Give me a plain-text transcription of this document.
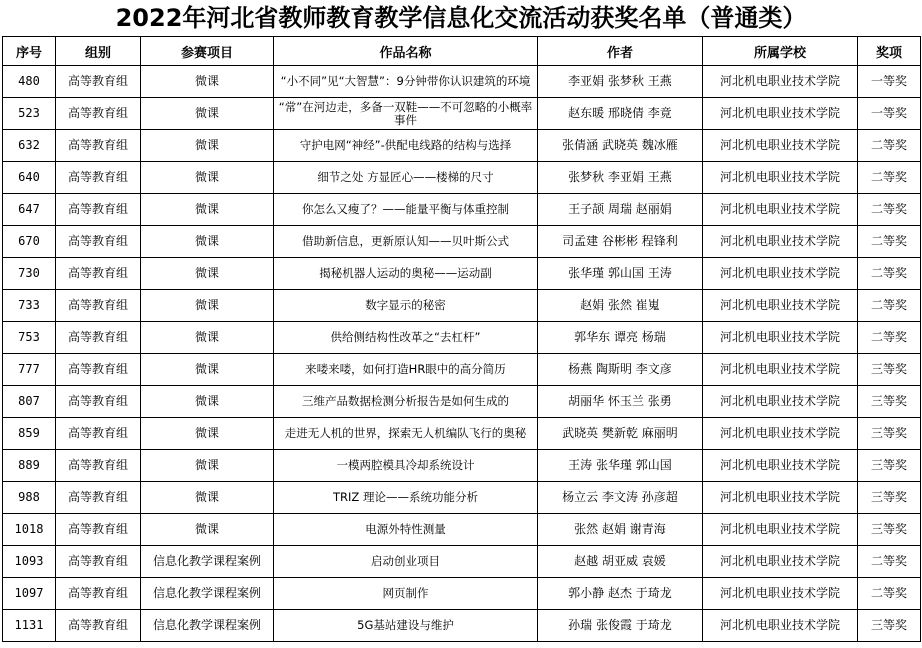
2022年河北省教师教育教学信息化交流活动获奖名单（普通类）
序号	组别	参赛项目	作品名称	作者	所属学校	奖项
480	高等教育组	微课	“小不同”见“大智慧”：9分钟带你认识建筑的环境	李亚娟 张梦秋 王燕	河北机电职业技术学院	一等奖
523	高等教育组	微课	“常”在河边走，多备一双鞋——不可忽略的小概率事件	赵东暖 邢晓倩 李竟	河北机电职业技术学院	一等奖
632	高等教育组	微课	守护电网“神经”-供配电线路的结构与选择	张倩涵 武晓英 魏冰雁	河北机电职业技术学院	二等奖
640	高等教育组	微课	细节之处 方显匠心——楼梯的尺寸	张梦秋 李亚娟 王燕	河北机电职业技术学院	二等奖
647	高等教育组	微课	你怎么又瘦了？——能量平衡与体重控制	王子颉 周瑞 赵丽娟	河北机电职业技术学院	二等奖
670	高等教育组	微课	借助新信息，更新原认知——贝叶斯公式	司孟建 谷彬彬 程锋利	河北机电职业技术学院	二等奖
730	高等教育组	微课	揭秘机器人运动的奥秘——运动副	张华瑾 郭山国 王涛	河北机电职业技术学院	二等奖
733	高等教育组	微课	数字显示的秘密	赵娟 张然 崔嵬	河北机电职业技术学院	二等奖
753	高等教育组	微课	供给侧结构性改革之“去杠杆”	郭华东 谭亮 杨瑞	河北机电职业技术学院	二等奖
777	高等教育组	微课	来喽来喽，如何打造HR眼中的高分简历	杨燕 陶斯明 李文彦	河北机电职业技术学院	三等奖
807	高等教育组	微课	三维产品数据检测分析报告是如何生成的	胡丽华 怀玉兰 张勇	河北机电职业技术学院	三等奖
859	高等教育组	微课	走进无人机的世界，探索无人机编队飞行的奥秘	武晓英 樊新乾 麻丽明	河北机电职业技术学院	三等奖
889	高等教育组	微课	一模两腔模具冷却系统设计	王涛 张华瑾 郭山国	河北机电职业技术学院	三等奖
988	高等教育组	微课	TRIZ 理论——系统功能分析	杨立云 李文涛 孙彦超	河北机电职业技术学院	三等奖
1018	高等教育组	微课	电源外特性测量	张然 赵娟 谢青海	河北机电职业技术学院	三等奖
1093	高等教育组	信息化教学课程案例	启动创业项目	赵越 胡亚威 袁媛	河北机电职业技术学院	二等奖
1097	高等教育组	信息化教学课程案例	网页制作	郭小静 赵杰 于琦龙	河北机电职业技术学院	二等奖
1131	高等教育组	信息化教学课程案例	5G基站建设与维护	孙瑞 张俊霞 于琦龙	河北机电职业技术学院	三等奖
